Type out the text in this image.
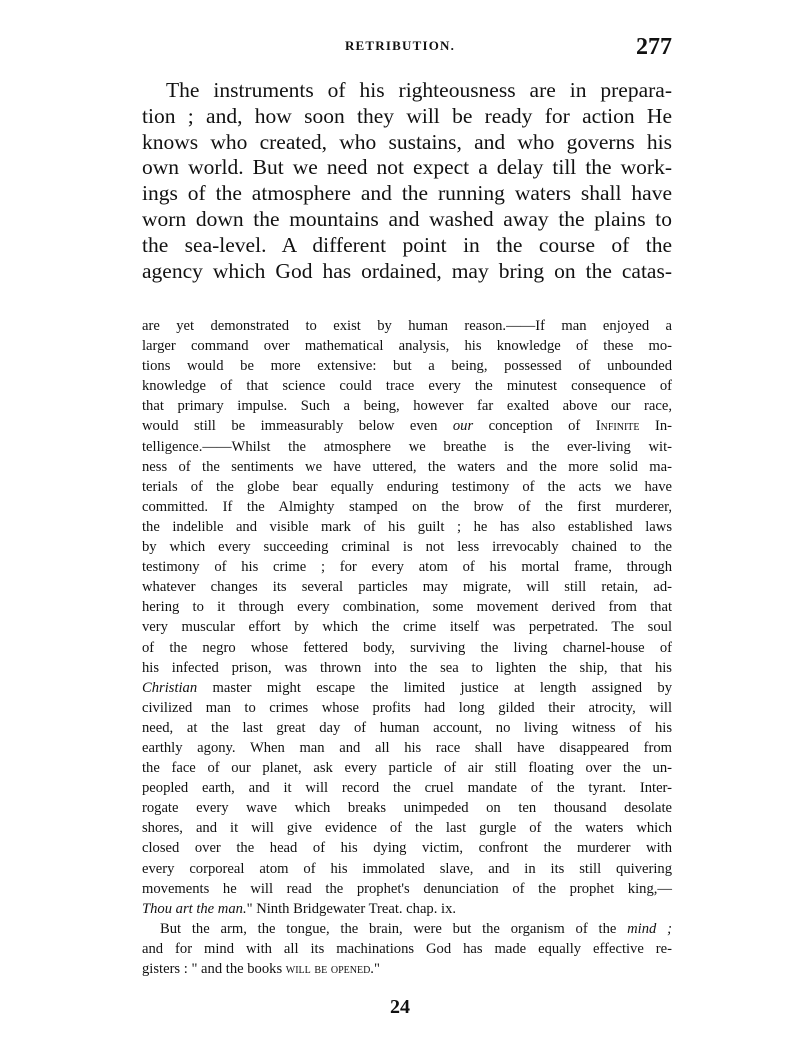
RETRIBUTION.	277
The instruments of his righteousness are in prepara-
tion ; and, how soon they will be ready for action He
knows who created, who sustains, and who governs his
own world. But we need not expect a delay till the work-
ings of the atmosphere and the running waters shall have
worn down the mountains and washed away the plains to
the sea-level. A different point in the course of the
agency which God has ordained, may bring on the catas-
are yet demonstrated to exist by human reason.——If man enjoyed a
larger command over mathematical analysis, his knowledge of these mo-
tions would be more extensive: but a being, possessed of unbounded
knowledge of that science could trace every the minutest consequence of
that primary impulse. Such a being, however far exalted above our race,
would still be immeasurably below even our conception of Infinite In-
telligence.——Whilst the atmosphere we breathe is the ever-living wit-
ness of the sentiments we have uttered, the waters and the more solid ma-
terials of the globe bear equally enduring testimony of the acts we have
committed. If the Almighty stamped on the brow of the first murderer,
the indelible and visible mark of his guilt ; he has also established laws
by which every succeeding criminal is not less irrevocably chained to the
testimony of his crime ; for every atom of his mortal frame, through
whatever changes its several particles may migrate, will still retain, ad-
hering to it through every combination, some movement derived from that
very muscular effort by which the crime itself was perpetrated. The soul
of the negro whose fettered body, surviving the living charnel-house of
his infected prison, was thrown into the sea to lighten the ship, that his
Christian master might escape the limited justice at length assigned by
civilized man to crimes whose profits had long gilded their atrocity, will
need, at the last great day of human account, no living witness of his
earthly agony. When man and all his race shall have disappeared from
the face of our planet, ask every particle of air still floating over the un-
peopled earth, and it will record the cruel mandate of the tyrant. Inter-
rogate every wave which breaks unimpeded on ten thousand desolate
shores, and it will give evidence of the last gurgle of the waters which
closed over the head of his dying victim, confront the murderer with
every corporeal atom of his immolated slave, and in its still quivering
movements he will read the prophet's denunciation of the prophet king,—
Thou art the man." Ninth Bridgewater Treat. chap. ix.
But the arm, the tongue, the brain, were but the organism of the mind ;
and for mind with all its machinations God has made equally effective re-
gisters : " and the books will be opened."
24
